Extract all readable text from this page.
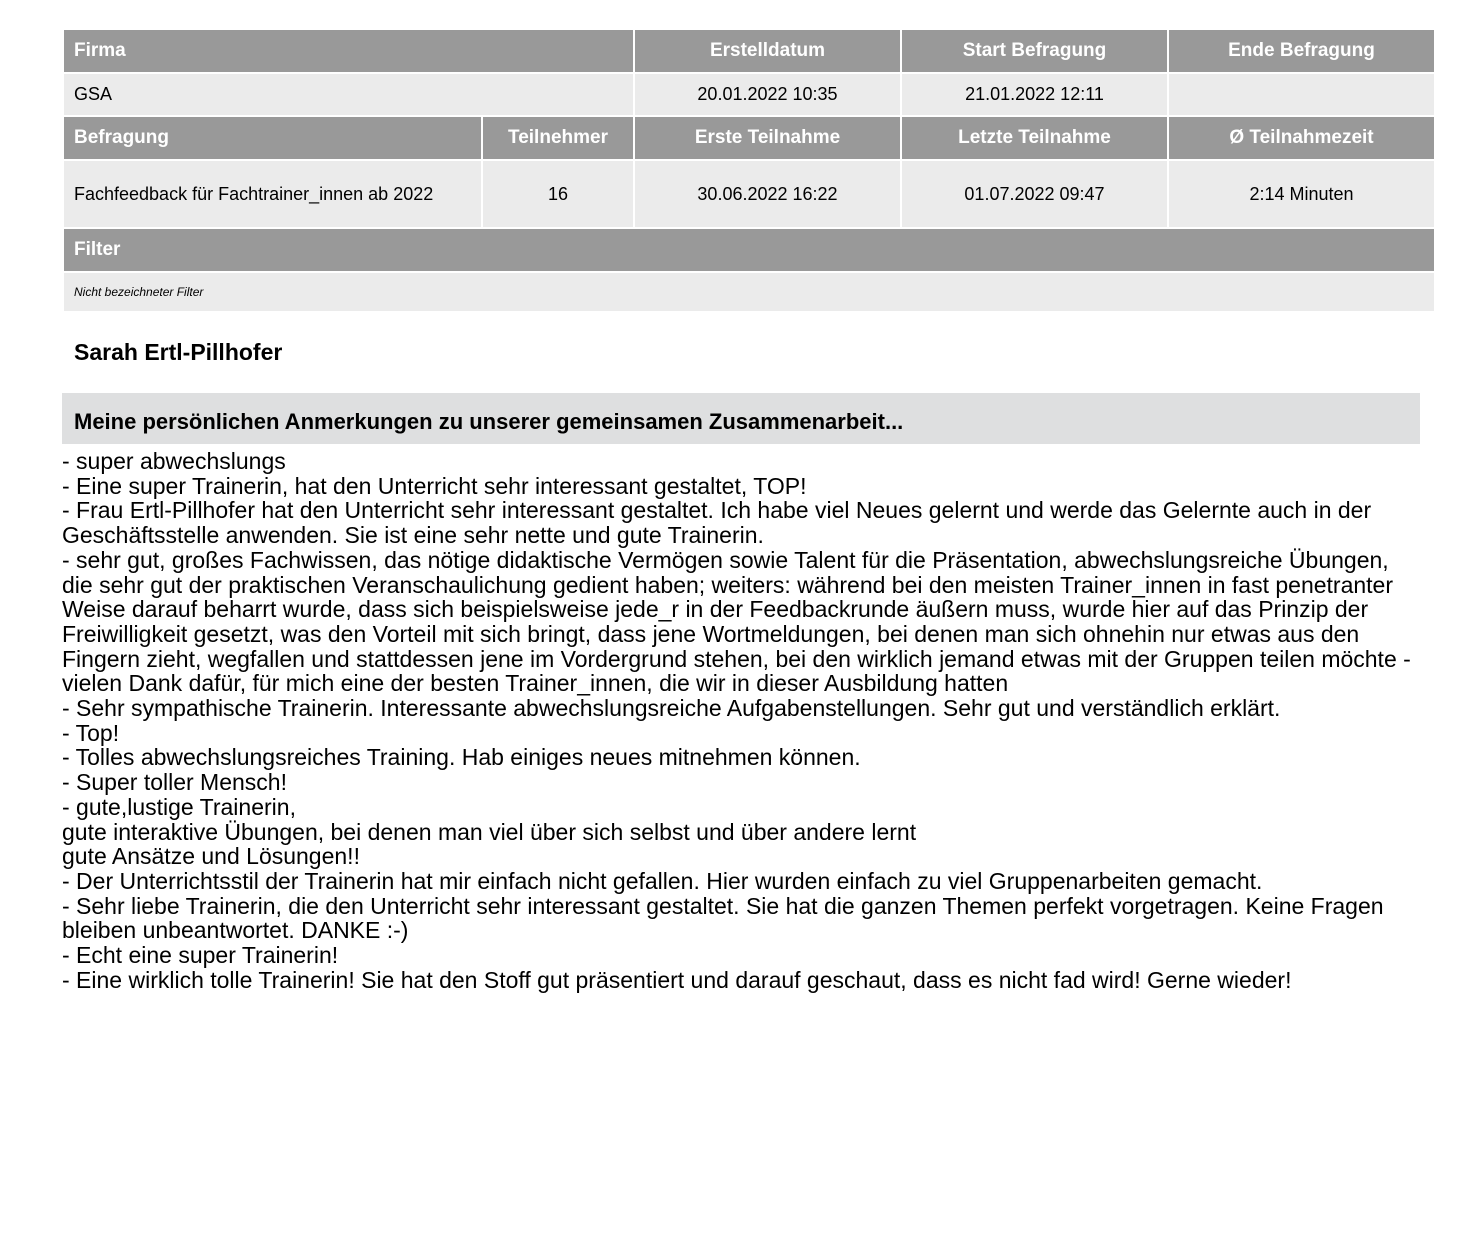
Firma		Erstelldatum	Start Befragung	Ende Befragung
GSA		20.01.2022 10:35	21.01.2022 12:11	
Befragung	Teilnehmer	Erste Teilnahme	Letzte Teilnahme	Ø Teilnahmezeit
Fachfeedback für Fachtrainer_innen ab 2022	16	30.06.2022 16:22	01.07.2022 09:47	2:14 Minuten
Filter				
Nicht bezeichneter Filter				
Sarah Ertl-Pillhofer
Meine persönlichen Anmerkungen zu unserer gemeinsamen Zusammenarbeit...
- super abwechslungs
- Eine super Trainerin, hat den Unterricht sehr interessant gestaltet, TOP!
- Frau Ertl-Pillhofer hat den Unterricht sehr interessant gestaltet. Ich habe viel Neues gelernt und werde das Gelernte auch in der Geschäftsstelle anwenden. Sie ist eine sehr nette und gute Trainerin.
- sehr gut, großes Fachwissen, das nötige didaktische Vermögen sowie Talent für die Präsentation, abwechslungsreiche Übungen, die sehr gut der praktischen Veranschaulichung gedient haben; weiters: während bei den meisten Trainer_innen in fast penetranter Weise darauf beharrt wurde, dass sich beispielsweise jede_r in der Feedbackrunde äußern muss, wurde hier auf das Prinzip der Freiwilligkeit gesetzt, was den Vorteil mit sich bringt, dass jene Wortmeldungen, bei denen man sich ohnehin nur etwas aus den Fingern zieht, wegfallen und stattdessen jene im Vordergrund stehen, bei den wirklich jemand etwas mit der Gruppen teilen möchte - vielen Dank dafür, für mich eine der besten Trainer_innen, die wir in dieser Ausbildung hatten
- Sehr sympathische Trainerin. Interessante abwechslungsreiche Aufgabenstellungen. Sehr gut und verständlich erklärt.
- Top!
- Tolles abwechslungsreiches Training. Hab einiges neues mitnehmen können.
- Super toller Mensch!
- gute,lustige Trainerin,
gute interaktive Übungen, bei denen man viel über sich selbst und über andere lernt
gute Ansätze und Lösungen!!
- Der Unterrichtsstil der Trainerin hat mir einfach nicht gefallen. Hier wurden einfach zu viel Gruppenarbeiten gemacht.
- Sehr liebe Trainerin, die den Unterricht sehr interessant gestaltet. Sie hat die ganzen Themen perfekt vorgetragen. Keine Fragen bleiben unbeantwortet. DANKE :-)
- Echt eine super Trainerin!
- Eine wirklich tolle Trainerin! Sie hat den Stoff gut präsentiert und darauf geschaut, dass es nicht fad wird! Gerne wieder!
